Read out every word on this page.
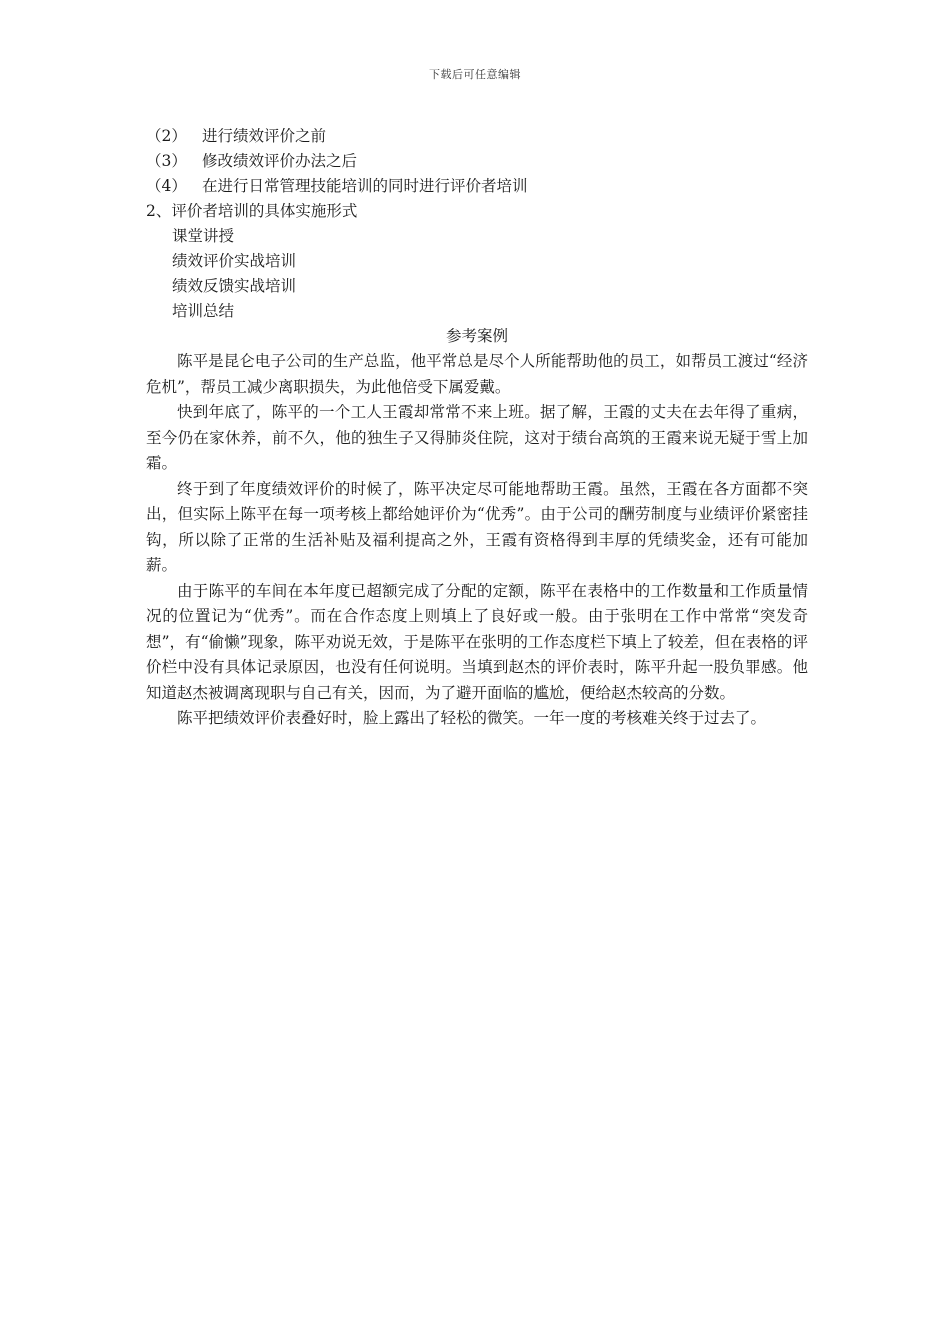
下载后可任意编辑

（2） 进行绩效评价之前

（3） 修改绩效评价办法之后

（4） 在进行日常管理技能培训的同时进行评价者培训

2、评价者培训的具体实施形式

课堂讲授

绩效评价实战培训

绩效反馈实战培训

培训总结

参考案例

陈平是昆仑电子公司的生产总监，他平常总是尽个人所能帮助他的员工，如帮员工渡过“经济危机”，帮员工减少离职损失，为此他倍受下属爱戴。

快到年底了，陈平的一个工人王霞却常常不来上班。据了解，王霞的丈夫在去年得了重病，至今仍在家休养，前不久，他的独生子又得肺炎住院，这对于绩台高筑的王霞来说无疑于雪上加霜。

终于到了年度绩效评价的时候了，陈平决定尽可能地帮助王霞。虽然，王霞在各方面都不突出，但实际上陈平在每一项考核上都给她评价为“优秀”。由于公司的酬劳制度与业绩评价紧密挂钩，所以除了正常的生活补贴及福利提高之外，王霞有资格得到丰厚的凭绩奖金，还有可能加薪。

由于陈平的车间在本年度已超额完成了分配的定额，陈平在表格中的工作数量和工作质量情况的位置记为“优秀”。而在合作态度上则填上了良好或一般。由于张明在工作中常常“突发奇想”，有“偷懒”现象，陈平劝说无效，于是陈平在张明的工作态度栏下填上了较差，但在表格的评价栏中没有具体记录原因，也没有任何说明。当填到赵杰的评价表时，陈平升起一股负罪感。他知道赵杰被调离现职与自己有关，因而，为了避开面临的尴尬，便给赵杰较高的分数。

陈平把绩效评价表叠好时，脸上露出了轻松的微笑。一年一度的考核难关终于过去了。
